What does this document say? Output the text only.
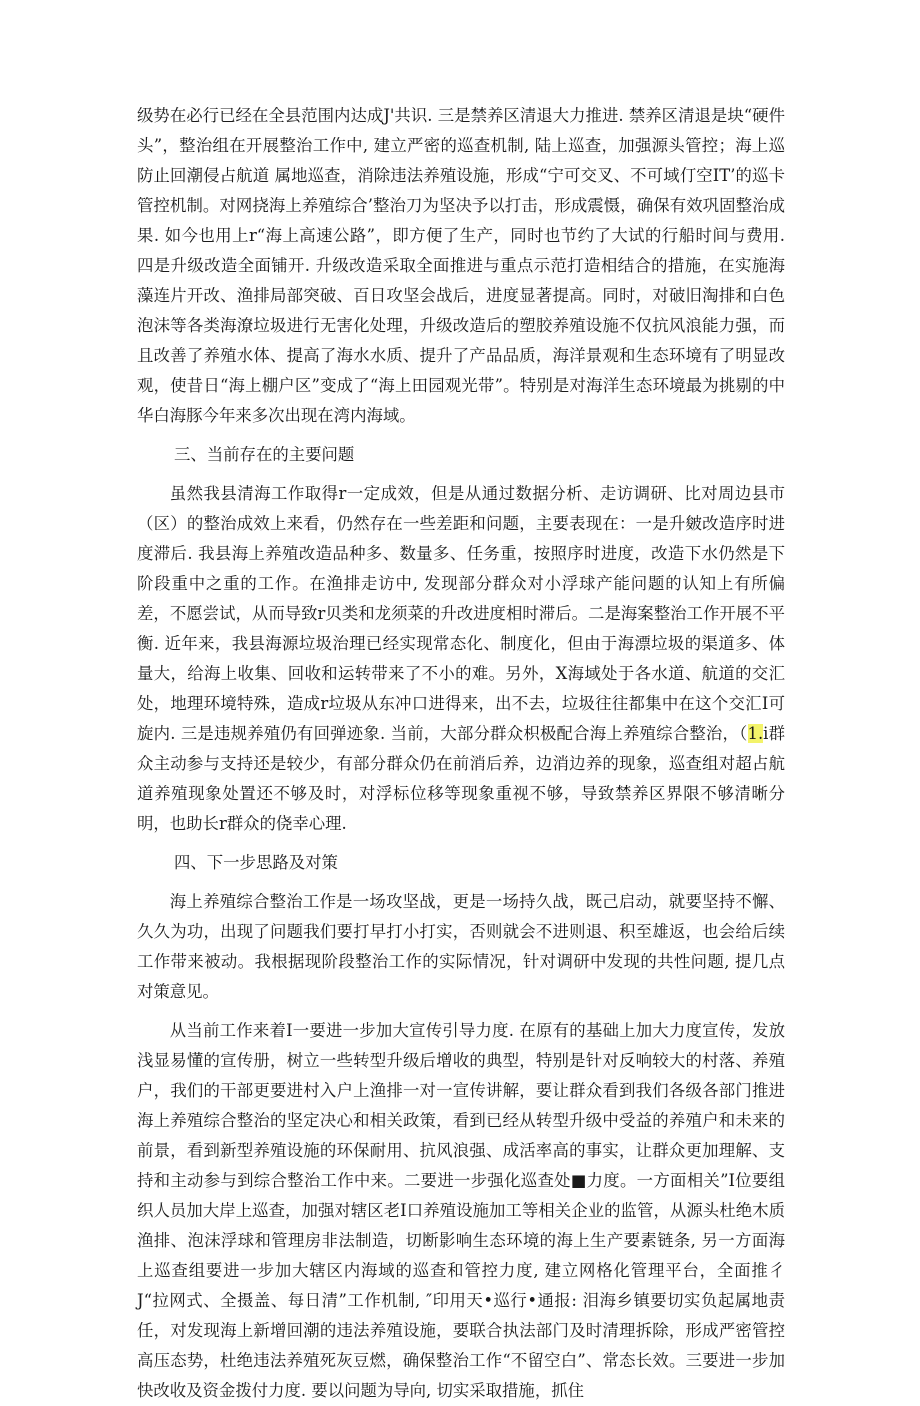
级势在必行已经在全县范围内达成J'共识. 三是禁养区清退大力推进. 禁养区清退是块“硬件头”，整治组在开展整治工作中, 建立严密的巡查机制, 陆上巡查，加强源头管控；海上巡防止回潮侵占航道 属地巡查，消除违法养殖设施，形成“宁可交叉、不可域仃空IT’的巡卡管控机制。对网挠海上养殖综合’整治刀为坚决予以打击，形成震慑，确保有效巩固整治成果. 如今也用上r“海上高速公路”，即方便了生产，同时也节约了大试的行船时间与费用. 四是升级改造全面铺开. 升级改造采取全面推进与重点示范打造相结合的措施，在实施海藻连片开改、渔排局部突破、百日攻坚会战后，进度显著提高。同时，对破旧淘排和白色泡沫等各类海潦垃圾进行无害化处理，升级改造后的塑胶养殖设施不仅抗风浪能力强，而且改善了养殖水体、提高了海水水质、提升了产品品质，海洋景观和生态环境有了明显改观，使昔日“海上棚户区”变成了“海上田园观光带”。特别是对海洋生态环境最为挑剔的中华白海豚今年来多次出现在湾内海域。

三、当前存在的主要问题

虽然我县清海工作取得r一定成效，但是从通过数据分析、走访调研、比对周边县市（区）的整治成效上来看，仍然存在一些差距和问题，主要表现在：一是升皴改造序时进度滞后. 我县海上养殖改造品种多、数量多、任务重，按照序时进度，改造下水仍然是下阶段重中之重的工作。在渔排走访中, 发现部分群众对小浮球产能问题的认知上有所偏差，不愿尝试，从而导致r贝类和龙须菜的升改进度相时滞后。二是海案整治工作开展不平衡. 近年来，我县海源垃圾治理已经实现常态化、制度化，但由于海漂垃圾的渠道多、体量大，给海上收集、回收和运转带来了不小的难。另外，X海域处于各水道、航道的交汇处，地理环境特殊，造成r垃圾从东冲口进得来，出不去，垃圾往往都集中在这个交汇I可旋内. 三是违规养殖仍有回弹迹象. 当前，大部分群众枳极配合海上养殖综合整治，（1.i群众主动参与支持还是较少，有部分群众仍在前消后养，边消边养的现象，巡查组对超占航道养殖现象处置还不够及时，对浮标位移等现象重视不够，导致禁养区界限不够清晰分明，也助长r群众的侥幸心理.

四、下一步思路及对策

海上养殖综合整治工作是一场攻坚战，更是一场持久战，既己启动，就要坚持不懈、久久为功，出现了问题我们要打早打小打实，否则就会不进则退、积至雄返，也会给后续工作带来被动。我根据现阶段整治工作的实际情况，针对调研中发现的共性问题, 提几点对策意见。

从当前工作来着I一要进一步加大宣传引导力度. 在原有的基础上加大力度宣传，发放浅显易懂的宣传册，树立一些转型升级后增收的典型，特别是针对反响较大的村落、养殖户，我们的干部更要进村入户上渔排一对一宣传讲解，要让群众看到我们各级各部门推进海上养殖综合整治的坚定决心和相关政策，看到已经从转型升级中受益的养殖户和未来的前景，看到新型养殖设施的环保耐用、抗风浪强、成活率高的事实，让群众更加理解、支持和主动参与到综合整治工作中来。二要进一步强化巡查处■力度。一方面相关”I位要组织人员加大岸上巡查，加强对辖区老I口养殖设施加工等相关企业的监管，从源头杜绝木质渔排、泡沫浮球和管理房非法制造，切断影响生态环境的海上生产要素链条, 另一方面海上巡查组要进一步加大辖区内海域的巡查和管控力度, 建立网格化管理平台，全面推彳J“拉网式、全摄盖、每日清”工作机制, ″印用天•巡行•通报: 泪海乡镇要切实负起属地责任，对发现海上新增回潮的违法养殖设施，要联合执法部门及时清理拆除，形成严密管控高压态势，杜绝违法养殖死灰豆燃，确保整治工作“不留空白”、常态长效。三要进一步加快改收及资金拨付力度. 要以问题为导向, 切实采取措施，抓住
